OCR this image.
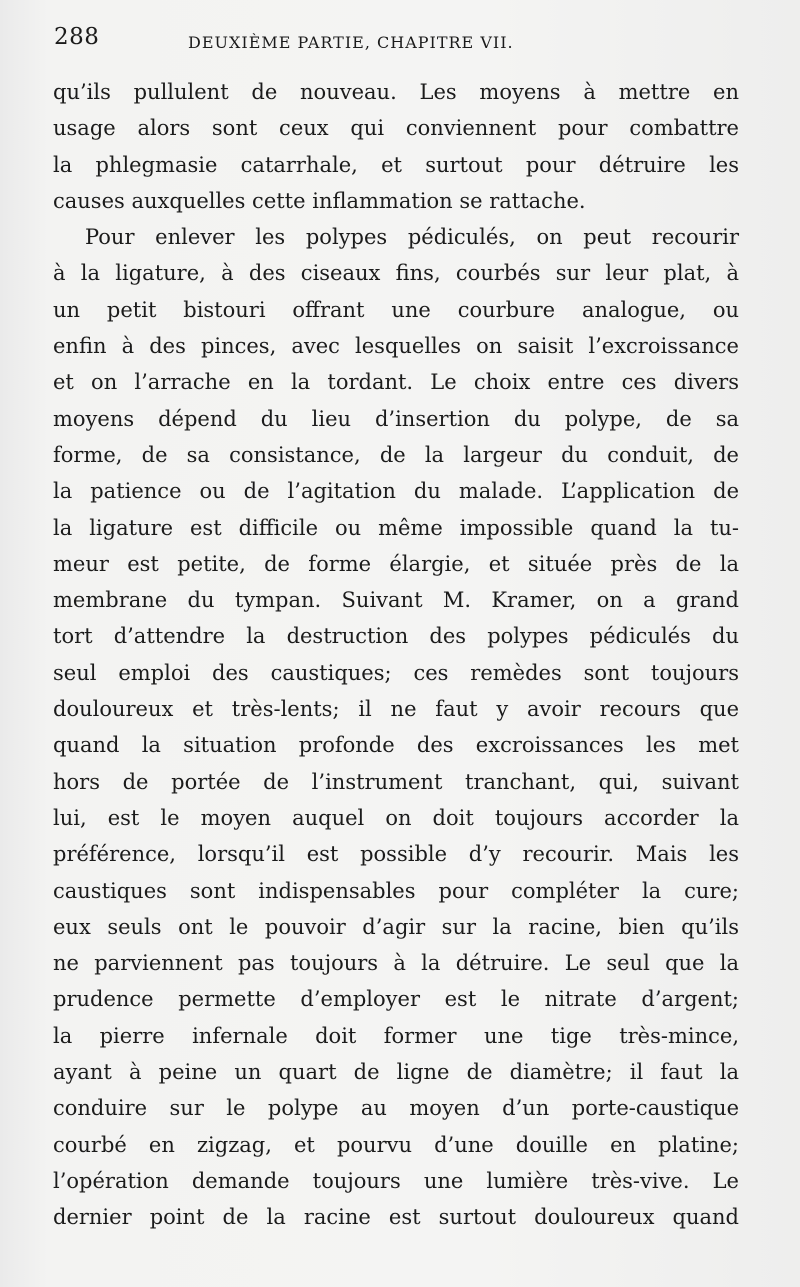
288	DEUXIÈME PARTIE, CHAPITRE VII.
qu’ils pullulent de nouveau. Les moyens à mettre en
usage alors sont ceux qui conviennent pour combattre
la phlegmasie catarrhale, et surtout pour détruire les
causes auxquelles cette inflammation se rattache.
Pour enlever les polypes pédiculés, on peut recourir
à la ligature, à des ciseaux fins, courbés sur leur plat, à
un petit bistouri offrant une courbure analogue, ou
enfin à des pinces, avec lesquelles on saisit l’excroissance
et on l’arrache en la tordant. Le choix entre ces divers
moyens dépend du lieu d’insertion du polype, de sa
forme, de sa consistance, de la largeur du conduit, de
la patience ou de l’agitation du malade. L’application de
la ligature est difficile ou même impossible quand la tu-
meur est petite, de forme élargie, et située près de la
membrane du tympan. Suivant M. Kramer, on a grand
tort d’attendre la destruction des polypes pédiculés du
seul emploi des caustiques; ces remèdes sont toujours
douloureux et très-lents; il ne faut y avoir recours que
quand la situation profonde des excroissances les met
hors de portée de l’instrument tranchant, qui, suivant
lui, est le moyen auquel on doit toujours accorder la
préférence, lorsqu’il est possible d’y recourir. Mais les
caustiques sont indispensables pour compléter la cure;
eux seuls ont le pouvoir d’agir sur la racine, bien qu’ils
ne parviennent pas toujours à la détruire. Le seul que la
prudence permette d’employer est le nitrate d’argent;
la pierre infernale doit former une tige très-mince,
ayant à peine un quart de ligne de diamètre; il faut la
conduire sur le polype au moyen d’un porte-caustique
courbé en zigzag, et pourvu d’une douille en platine;
l’opération demande toujours une lumière très-vive. Le
dernier point de la racine est surtout douloureux quand
